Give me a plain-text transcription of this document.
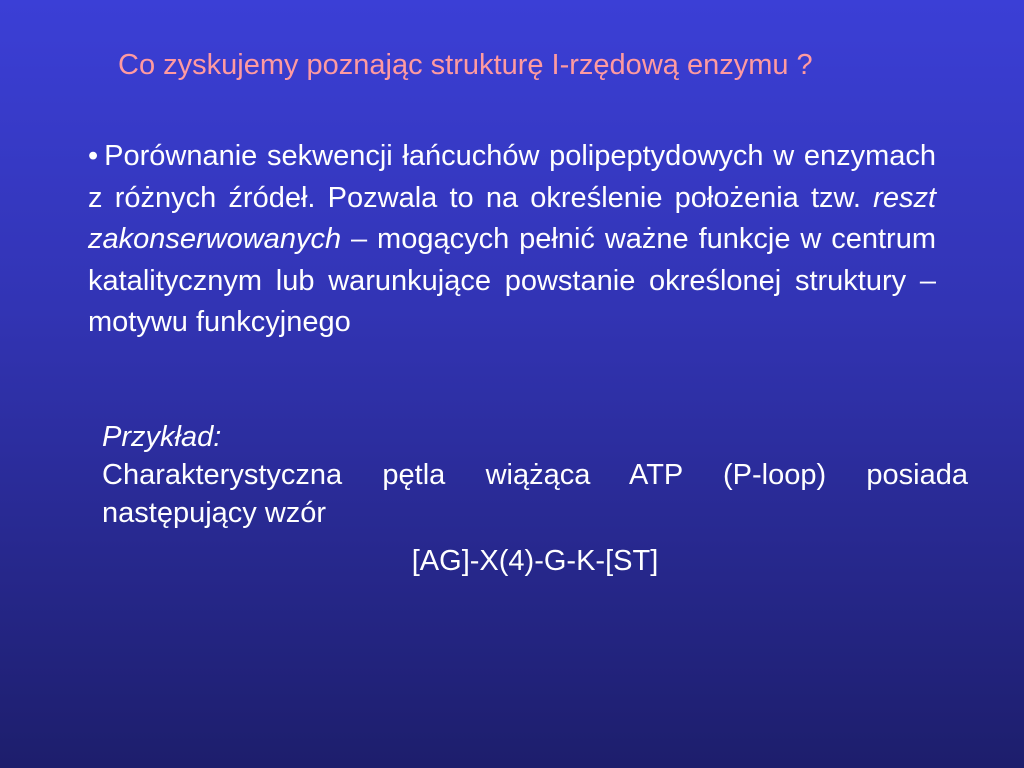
Co zyskujemy poznając strukturę I-rzędową enzymu ?
• Porównanie sekwencji łańcuchów polipeptydowych w enzymach z różnych źródeł. Pozwala to na określenie położenia tzw. reszt zakonserwowanych – mogących pełnić ważne funkcje w centrum katalitycznym lub warunkujące powstanie określonej struktury – motywu funkcyjnego
Przykład:
Charakterystyczna pętla wiążąca ATP (P-loop) posiada następujący wzór
[AG]-X(4)-G-K-[ST]
